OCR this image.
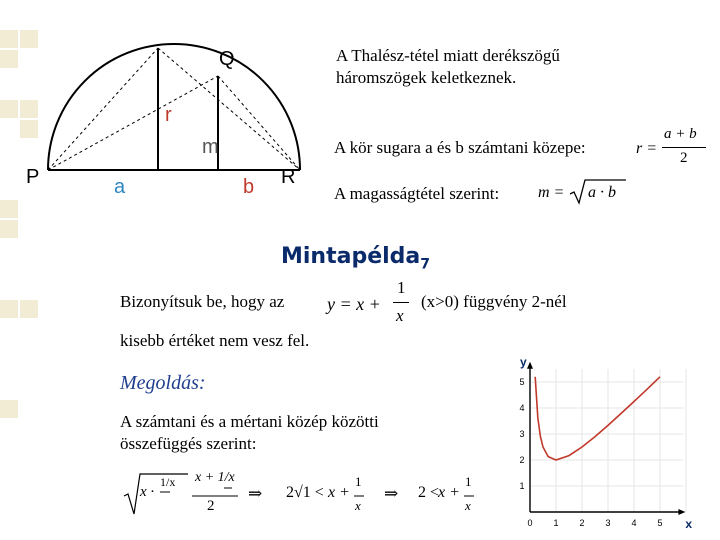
Q
r
m
P	a	b R
A Thalész-tétel miatt derékszögű
háromszögek keletkeznek.
A kör sugara a és b számtani közepe:
A magasságtétel szerint:
r =
a + b
2
m = a · b
Mintapélda$_7$
Bizonyítsuk be, hogy az y = x +
1
x
(x>0) függvény 2-nél
kisebb értéket nem vesz fel.
Megoldás:
A számtani és a mértani közép közötti
összefüggés szerint:
x ·
1/x x + 1/x
2
⇒ 2√1 < x +
1
x
⇒ 2 <
x +
1
x
0 1 2 3 4 5
1
2
3
4
5
x
y
